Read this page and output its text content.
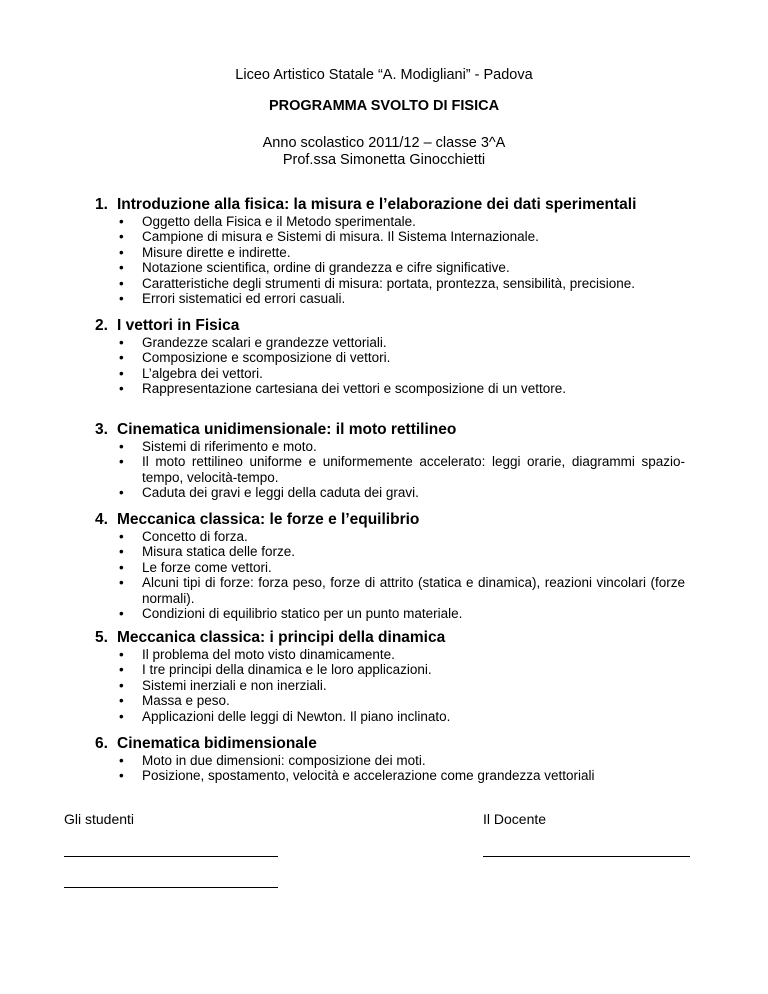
Liceo Artistico Statale “A. Modigliani” - Padova
PROGRAMMA SVOLTO DI FISICA
Anno scolastico 2011/12 – classe 3^A
Prof.ssa Simonetta Ginocchietti
1. Introduzione alla fisica: la misura e l’elaborazione dei dati sperimentali
• Oggetto della Fisica e il Metodo sperimentale.
• Campione di misura e Sistemi di misura. Il Sistema Internazionale.
• Misure dirette e indirette.
• Notazione scientifica, ordine di grandezza e cifre significative.
• Caratteristiche degli strumenti di misura: portata, prontezza, sensibilità, precisione.
• Errori sistematici ed errori casuali.
2. I vettori in Fisica
• Grandezze scalari e grandezze vettoriali.
• Composizione e scomposizione di vettori.
• L’algebra dei vettori.
• Rappresentazione cartesiana dei vettori e scomposizione di un vettore.
3. Cinematica unidimensionale: il moto rettilineo
• Sistemi di riferimento e moto.
• Il moto rettilineo uniforme e uniformemente accelerato: leggi orarie, diagrammi spazio-tempo, velocità-tempo.
• Caduta dei gravi e leggi della caduta dei gravi.
4. Meccanica classica: le forze e l’equilibrio
• Concetto di forza.
• Misura statica delle forze.
• Le forze come vettori.
• Alcuni tipi di forze: forza peso, forze di attrito (statica e dinamica), reazioni vincolari (forze normali).
• Condizioni di equilibrio statico per un punto materiale.
5. Meccanica classica: i principi della dinamica
• Il problema del moto visto dinamicamente.
• I tre principi della dinamica e le loro applicazioni.
• Sistemi inerziali e non inerziali.
• Massa e peso.
• Applicazioni delle leggi di Newton. Il piano inclinato.
6. Cinematica bidimensionale
• Moto in due dimensioni: composizione dei moti.
• Posizione, spostamento, velocità e accelerazione come grandezza vettoriali
Gli studenti	Il Docente
